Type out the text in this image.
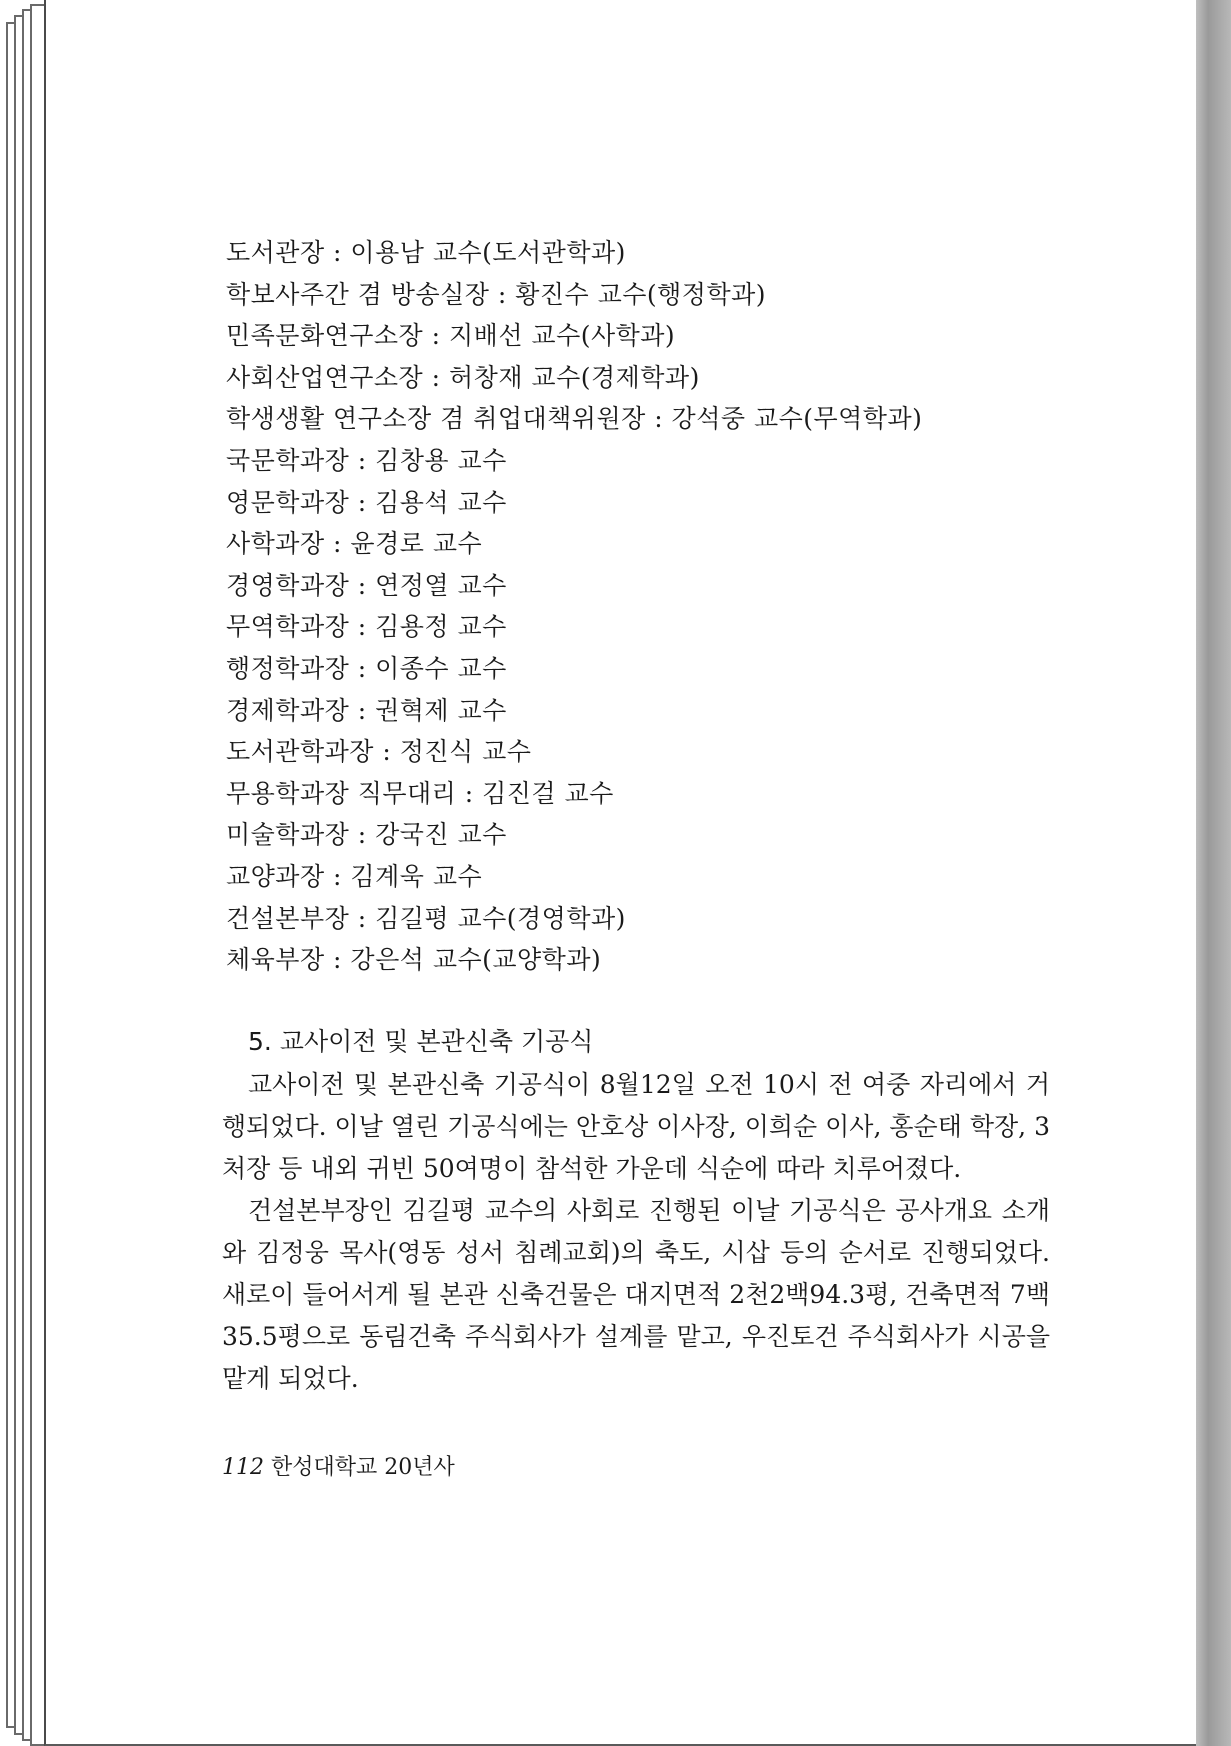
도서관장 : 이용남 교수(도서관학과)
학보사주간 겸 방송실장 : 황진수 교수(행정학과)
민족문화연구소장 : 지배선 교수(사학과)
사회산업연구소장 : 허창재 교수(경제학과)
학생생활 연구소장 겸 취업대책위원장 : 강석중 교수(무역학과)
국문학과장 : 김창용 교수
영문학과장 : 김용석 교수
사학과장 : 윤경로 교수
경영학과장 : 연정열 교수
무역학과장 : 김용정 교수
행정학과장 : 이종수 교수
경제학과장 : 권혁제 교수
도서관학과장 : 정진식 교수
무용학과장 직무대리 : 김진걸 교수
미술학과장 : 강국진 교수
교양과장 : 김계욱 교수
건설본부장 : 김길평 교수(경영학과)
체육부장 : 강은석 교수(교양학과)
5. 교사이전 및 본관신축 기공식

교사이전 및 본관신축 기공식이 8월12일 오전 10시 전 여중 자리에서 거행되었다. 이날 열린 기공식에는 안호상 이사장, 이희순 이사, 홍순태 학장, 3처장 등 내외 귀빈 50여명이 참석한 가운데 식순에 따라 치루어졌다.

건설본부장인 김길평 교수의 사회로 진행된 이날 기공식은 공사개요 소개와 김정웅 목사(영동 성서 침례교회)의 축도, 시삽 등의 순서로 진행되었다. 새로이 들어서게 될 본관 신축건물은 대지면적 2천2백94.3평, 건축면적 7백35.5평으로 동림건축 주식회사가 설계를 맡고, 우진토건 주식회사가 시공을 맡게 되었다.

112 한성대학교 20년사
